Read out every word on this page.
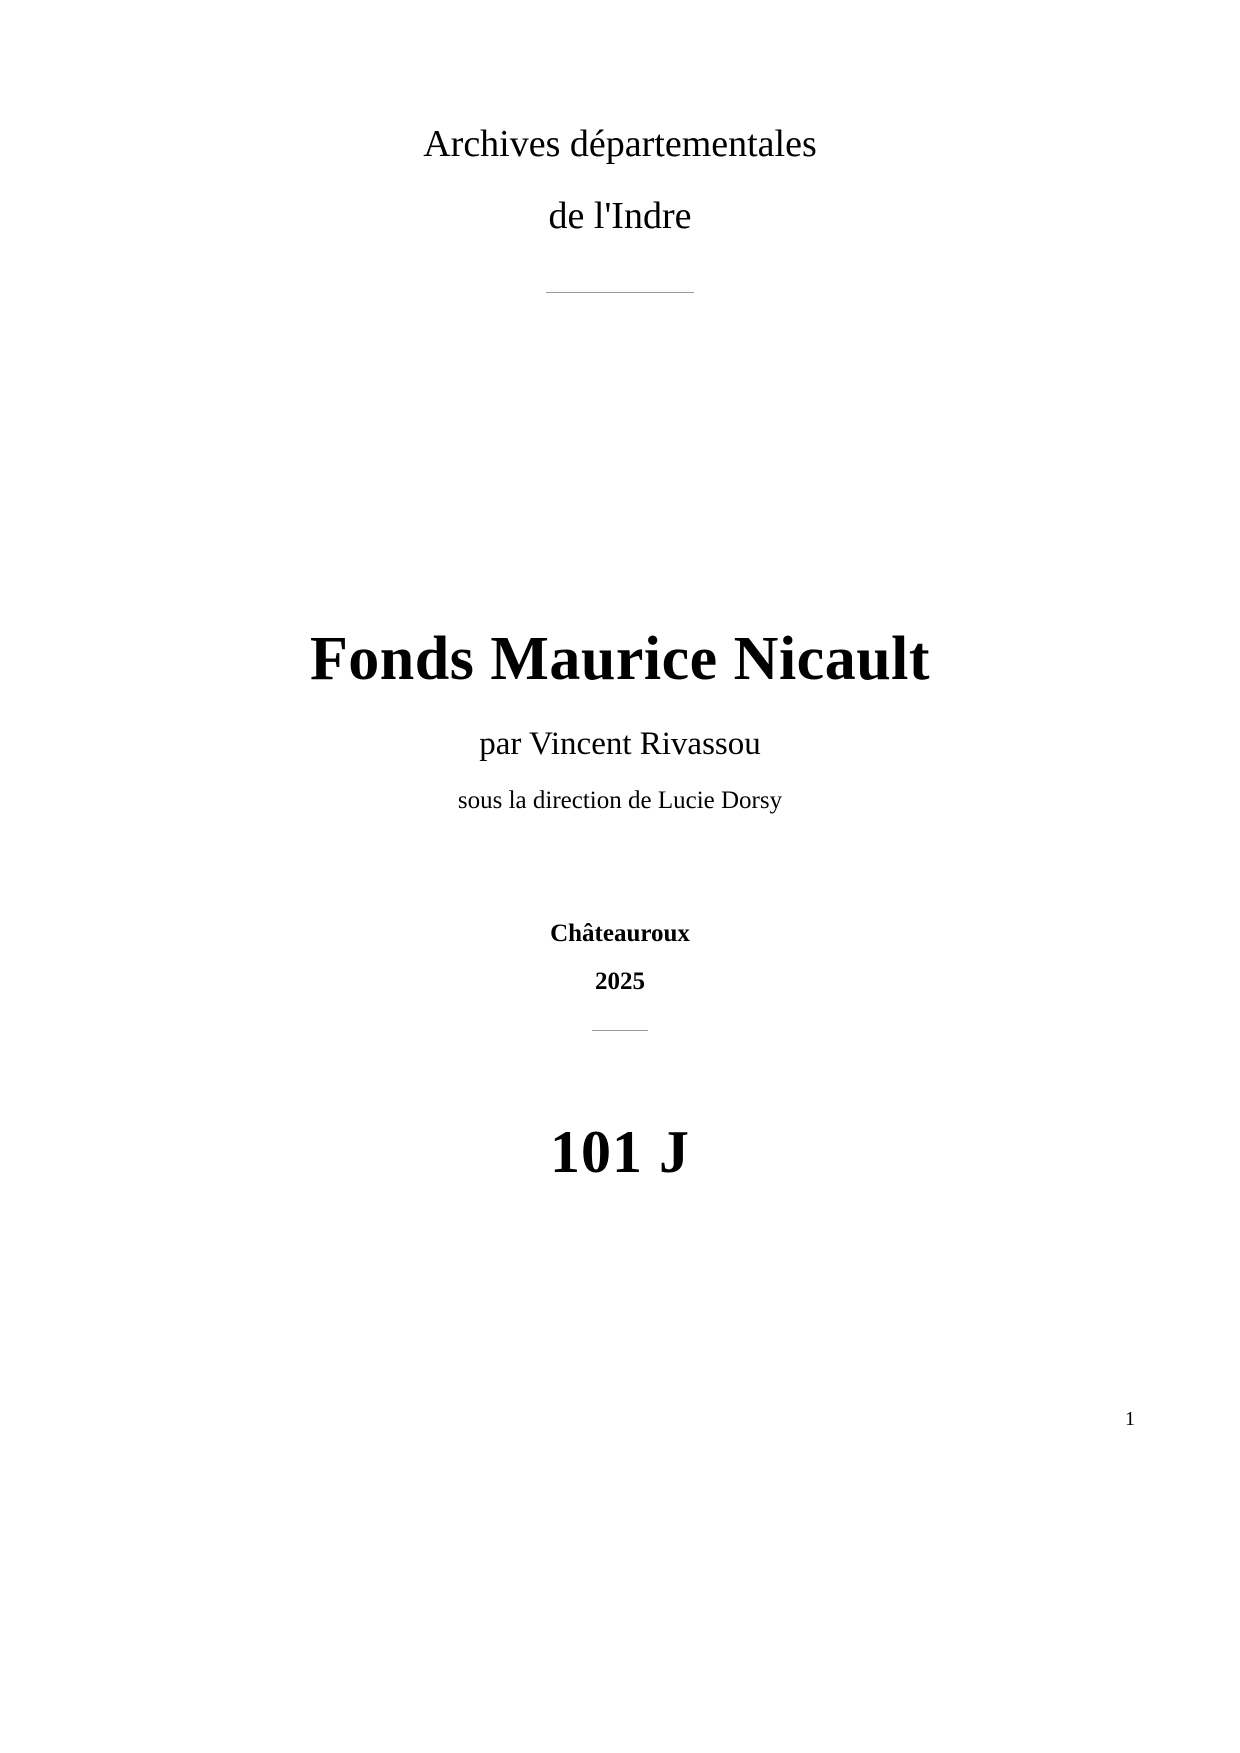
Archives départementales
de l'Indre
Fonds Maurice Nicault
par Vincent Rivassou
sous la direction de Lucie Dorsy
Châteauroux
2025
101 J
1
